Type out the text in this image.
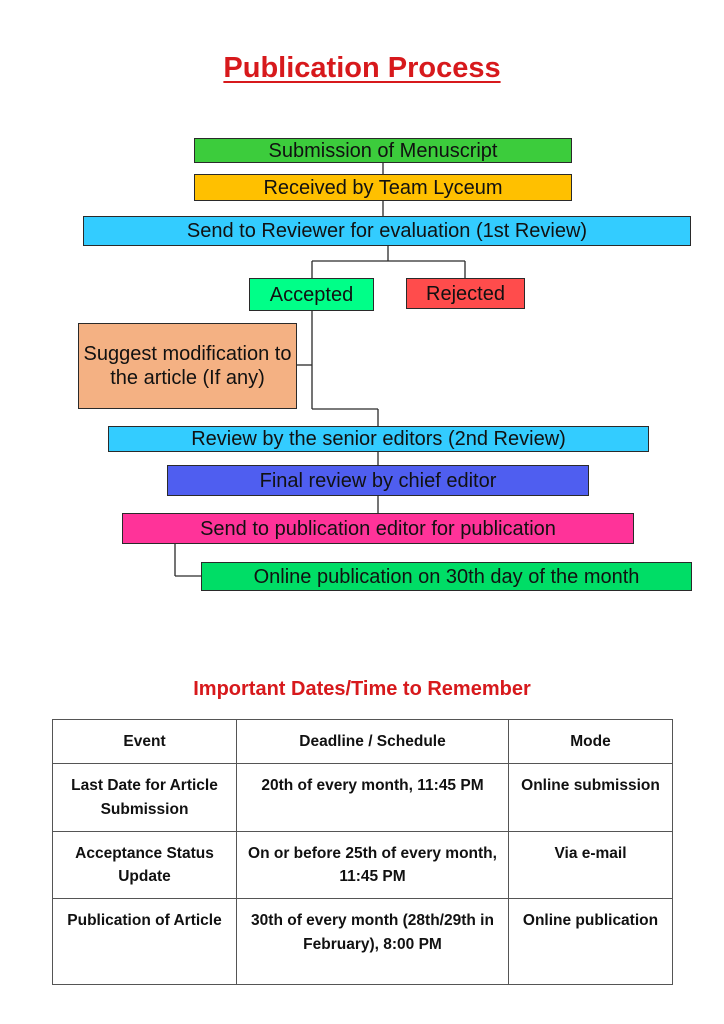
Publication Process
Submission of Menuscript
Received by Team Lyceum
Send to Reviewer for evaluation (1st Review)
Accepted	Rejected
Suggest modification to the article (If any)
Review by the senior editors (2nd Review)
Final review by chief editor
Send to publication editor for publication
Online publication on 30th day of the month
Important Dates/Time to Remember
Event	Deadline / Schedule	Mode
Last Date for Article Submission	20th of every month, 11:45 PM	Online submission
Acceptance Status Update	On or before 25th of every month, 11:45 PM	Via e-mail
Publication of Article	30th of every month (28th/29th in February), 8:00 PM	Online publication
